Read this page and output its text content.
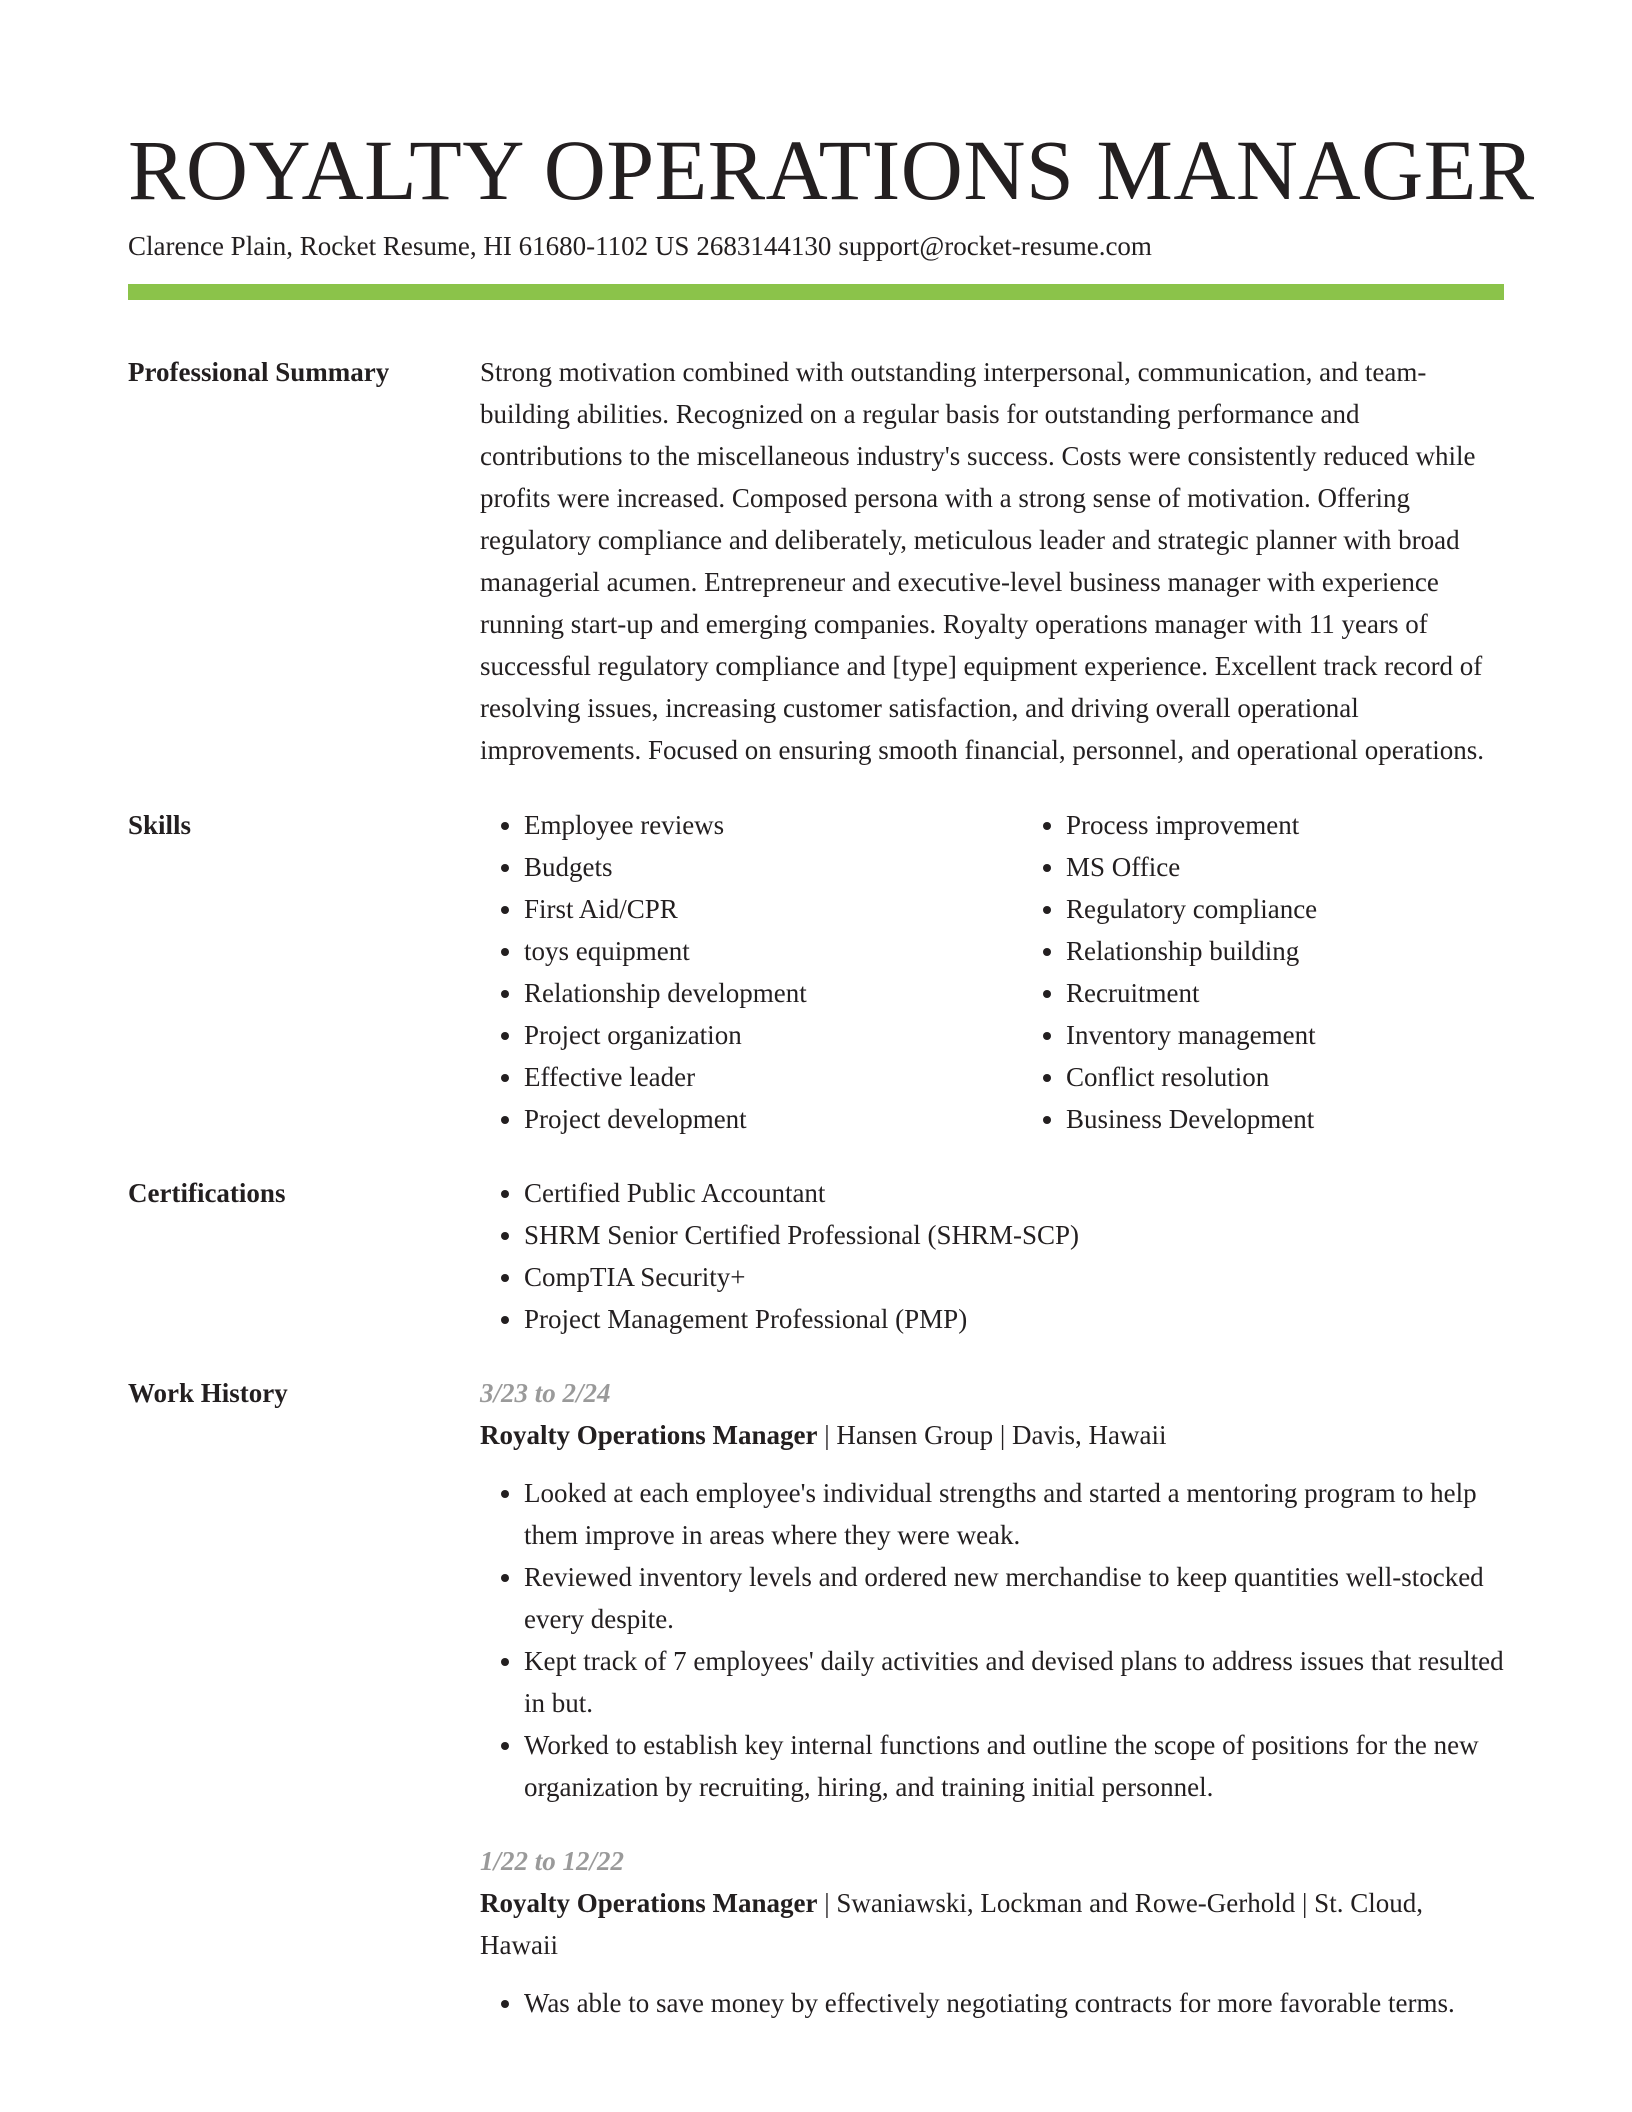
ROYALTY OPERATIONS MANAGER
Clarence Plain, Rocket Resume, HI 61680-1102 US 2683144130 support@rocket-resume.com
Professional Summary	Strong motivation combined with outstanding interpersonal, communication, and team-building abilities. Recognized on a regular basis for outstanding performance and contributions to the miscellaneous industry's success. Costs were consistently reduced while profits were increased. Composed persona with a strong sense of motivation. Offering regulatory compliance and deliberately, meticulous leader and strategic planner with broad managerial acumen. Entrepreneur and executive-level business manager with experience running start-up and emerging companies. Royalty operations manager with 11 years of successful regulatory compliance and [type] equipment experience. Excellent track record of resolving issues, increasing customer satisfaction, and driving overall operational improvements. Focused on ensuring smooth financial, personnel, and operational operations.

Skills	• Employee reviews
• Budgets
• First Aid/CPR
• toys equipment
• Relationship development
• Project organization
• Effective leader
• Project development
• Process improvement
• MS Office
• Regulatory compliance
• Relationship building
• Recruitment
• Inventory management
• Conflict resolution
• Business Development
Certifications	• Certified Public Accountant
• SHRM Senior Certified Professional (SHRM-SCP)
• CompTIA Security+
• Project Management Professional (PMP)
Work History	3/23 to 2/24
Royalty Operations Manager | Hansen Group | Davis, Hawaii
• Looked at each employee's individual strengths and started a mentoring program to help them improve in areas where they were weak.
• Reviewed inventory levels and ordered new merchandise to keep quantities well-stocked every despite.
• Kept track of 7 employees' daily activities and devised plans to address issues that resulted in but.
• Worked to establish key internal functions and outline the scope of positions for the new organization by recruiting, hiring, and training initial personnel.
1/22 to 12/22
Royalty Operations Manager | Swaniawski, Lockman and Rowe-Gerhold | St. Cloud, Hawaii
• Was able to save money by effectively negotiating contracts for more favorable terms.
